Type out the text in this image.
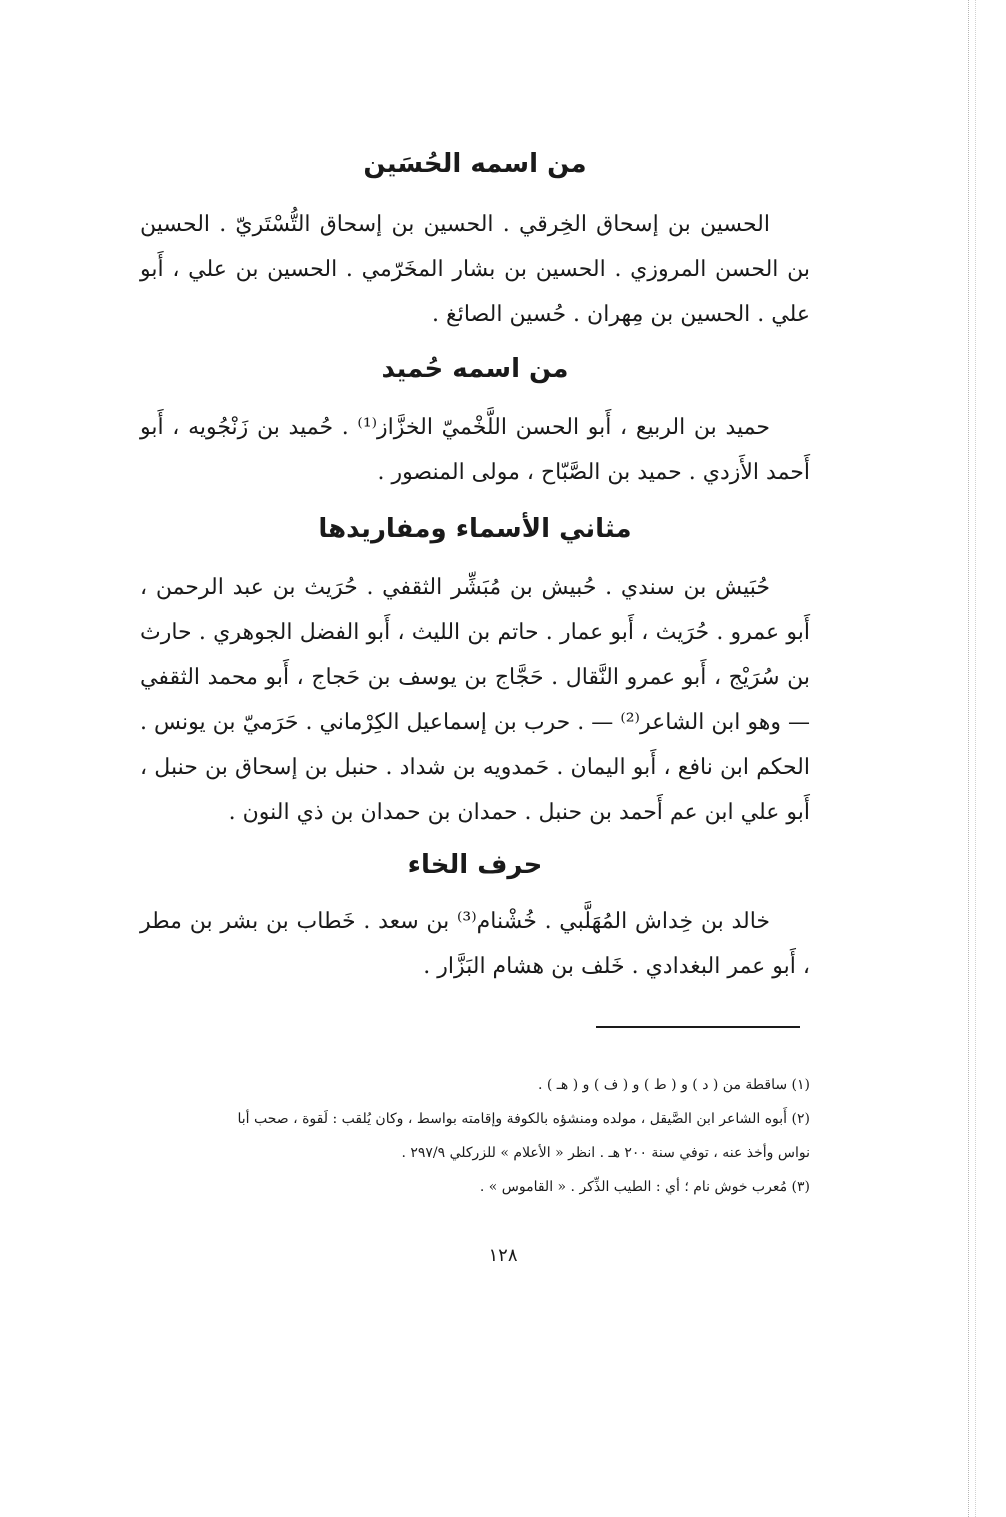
من اسمه الحُسَين

الحسين بن إسحاق الخِرقي . الحسين بن إسحاق التُّسْتَريّ . الحسين بن الحسن المروزي . الحسين بن بشار المخَرّمي . الحسين بن علي ، أَبو علي . الحسين بن مِهران . حُسين الصائغ .

من اسمه حُميد

حميد بن الربيع ، أَبو الحسن اللَّخْميّ الخزَّاز⁽¹⁾ . حُميد بن زَنْجُويه ، أَبو أَحمد الأَزدي . حميد بن الصَّبّاح ، مولى المنصور .

مثاني الأسماء ومفاريدها

حُبَيش بن سندي . حُبيش بن مُبَشِّر الثقفي . حُرَيث بن عبد الرحمن ، أَبو عمرو . حُرَيث ، أَبو عمار . حاتم بن الليث ، أَبو الفضل الجوهري . حارث بن سُرَيْج ، أَبو عمرو النَّقال . حَجَّاج بن يوسف بن حَجاج ، أَبو محمد الثقفي — وهو ابن الشاعر⁽²⁾ — . حرب بن إسماعيل الكِرْماني . حَرَميّ بن يونس . الحكم ابن نافع ، أَبو اليمان . حَمدويه بن شداد . حنبل بن إسحاق بن حنبل ، أَبو علي ابن عم أَحمد بن حنبل . حمدان بن حمدان بن ذي النون .

حرف الخاء

خالد بن خِداش المُهَلَّبي . خُشْنام⁽³⁾ بن سعد . خَطاب بن بشر بن مطر ، أَبو عمر البغدادي . خَلف بن هشام البَزَّار .

(١) ساقطة من ( د ) و ( ط ) و ( ف ) و ( هـ ) .

(٢) أَبوه الشاعر ابن الصَّيقل ، مولده ومنشؤه بالكوفة وإقامته بواسط ، وكان يُلقب : لَقوة ، صحب أبا

نواس وأخذ عنه ، توفي سنة ٢٠٠ هـ . انظر « الأعلام » للزركلي ٢٩٧/٩ .

(٣) مُعرب خوش نام ؛ أي : الطيب الذِّكر . « القاموس » .

١٢٨
